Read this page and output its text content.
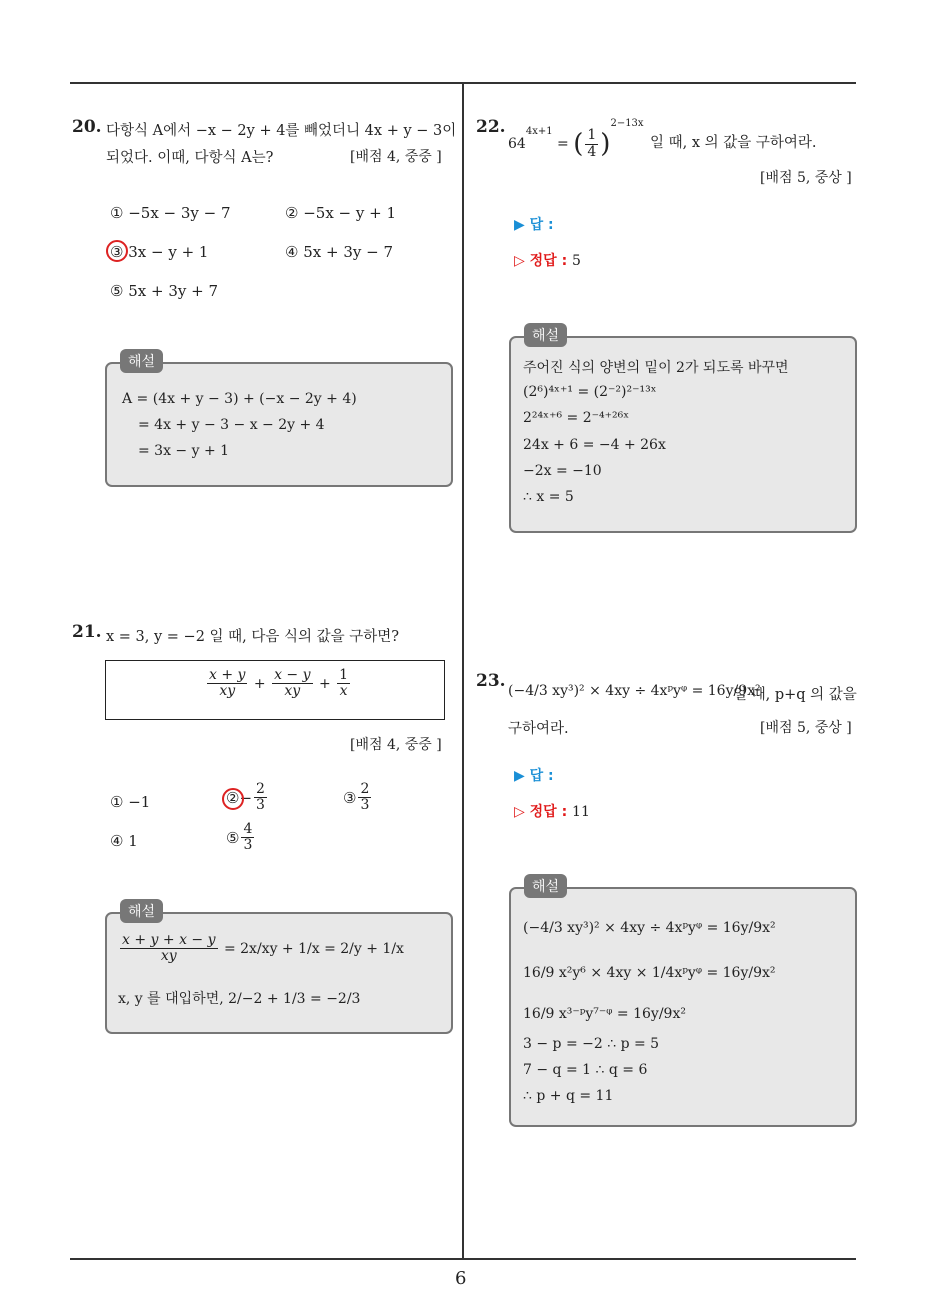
6
20. 다항식 A에서 −x − 2y + 4를 빼었더니 4x + y − 3이
되었다. 이때, 다항식 A는?	[배점 4, 중중 ]
① −5x − 3y − 7	② −5x − y + 1
③ 3x − y + 1	④ 5x + 3y − 7
⑤ 5x + 3y + 7
해설
A = (4x + y − 3) + (−x − 2y + 4)
= 4x + y − 3 − x − 2y + 4
= 3x − y + 1
21. x = 3, y = −2 일 때, 다음 식의 값을 구하면?
$\frac{x + y}{xy} + \frac{x - y}{xy} + \frac{1}{x}$
[배점 4, 중중 ]
① −1	②− $\frac{2}{3}$	③ $\frac{2}{3}$
④ 1	⑤ $\frac{4}{3}$
해설
$\frac{x + y + x - y}{xy} = 2x/xy + 1/x = 2/y + 1/x$
x, y 를 대입하면, 2/−2 + 1/3 = −2/3
22.
$64^{4x+1}$ = ( $\frac{1}{4} )^{2-13x}$
일 때, x 의 값을 구하여라.
[배점 5, 중상 ]
▶ 답 :
▷ 정답 : 5
해설
주어진 식의 양변의 밑이 2가 되도록 바꾸면
(2⁶)⁴ˣ⁺¹ = (2⁻²)²⁻¹³ˣ
2²⁴ˣ⁺⁶ = 2⁻⁴⁺²⁶ˣ
24x + 6 = −4 + 26x
−2x = −10
∴ x = 5
23. (−4/3 xy³)² × 4xy ÷ 4xᵖyᵠ = 16y/9x²
일 때, p+q 의 값을
구하여라.	[배점 5, 중상 ]
▶ 답 :
▷ 정답 : 11
해설
(−4/3 xy³)² × 4xy ÷ 4xᵖyᵠ = 16y/9x²
16/9 x²y⁶ × 4xy × 1/4xᵖyᵠ = 16y/9x²
16/9 x³⁻ᵖy⁷⁻ᵠ = 16y/9x²
3 − p = −2 ∴ p = 5
7 − q = 1 ∴ q = 6
∴ p + q = 11
